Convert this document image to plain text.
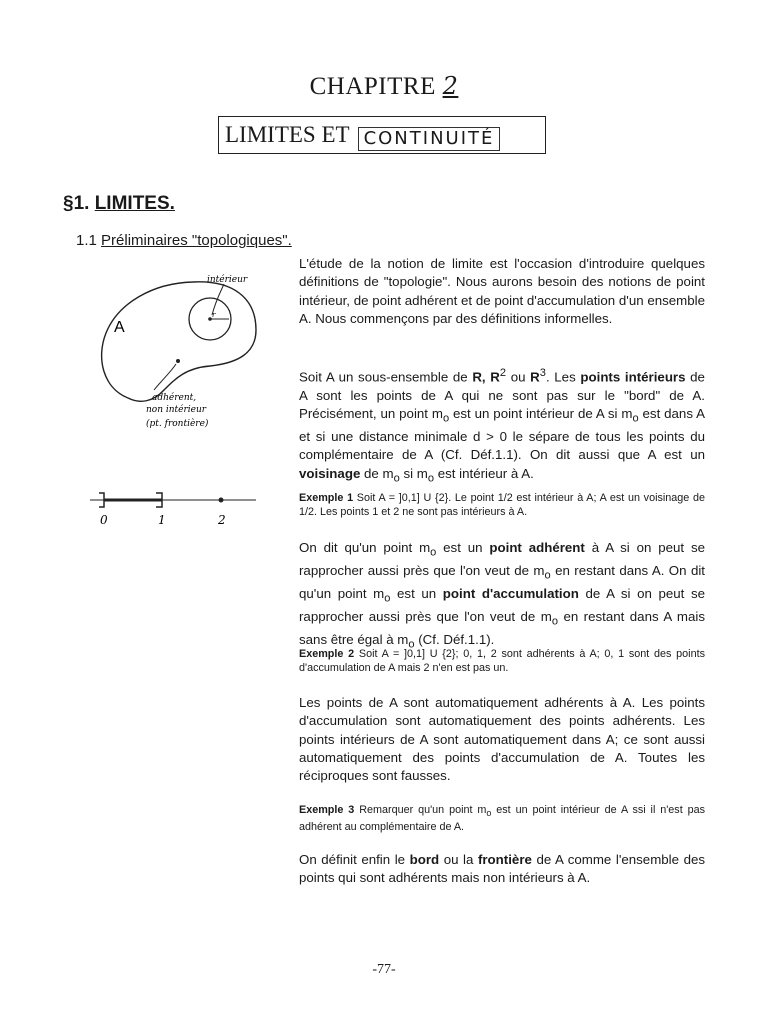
CHAPITRE 2
LIMITES ET CONTINUITÉ
§1. LIMITES.
1.1 Préliminaires "topologiques".
A
intérieur
r
adhérent,
non intérieur
(pt. frontière)
0	1	2
L'étude de la notion de limite est l'occasion d'introduire quelques définitions de "topologie". Nous aurons besoin des notions de point intérieur, de point adhérent et de point d'accumulation d'un ensemble A. Nous commençons par des définitions informelles.
Soit A un sous-ensemble de R, $R^2$ ou $R^3$. Les points intérieurs de A sont les points de A qui ne sont pas sur le "bord" de A. Précisément, un point $m_o$ est un point intérieur de A si $m_o$ est dans A et si une distance minimale d > 0 le sépare de tous les points du complémentaire de A (Cf. Déf.1.1). On dit aussi que A est un voisinage de $m_o$ si $m_o$ est intérieur à A.
Exemple 1 Soit A = ]0,1] U {2}. Le point 1/2 est intérieur à A; A est un voisinage de 1/2. Les points 1 et 2 ne sont pas intérieurs à A.
On dit qu'un point $m_o$ est un point adhérent à A si on peut se rapprocher aussi près que l'on veut de $m_o$ en restant dans A. On dit qu'un point $m_o$ est un point d'accumulation de A si on peut se rapprocher aussi près que l'on veut de $m_o$ en restant dans A mais sans être égal à $m_o$ (Cf. Déf.1.1).
Exemple 2 Soit A = ]0,1] U {2}; 0, 1, 2 sont adhérents à A; 0, 1 sont des points d'accumulation de A mais 2 n'en est pas un.
Les points de A sont automatiquement adhérents à A. Les points d'accumulation sont automatiquement des points adhérents. Les points intérieurs de A sont automatiquement dans A; ce sont aussi automatiquement des points d'accumulation de A. Toutes les réciproques sont fausses.
Exemple 3 Remarquer qu'un point $m_o$ est un point intérieur de A ssi il n'est pas adhérent au complémentaire de A.
On définit enfin le bord ou la frontière de A comme l'ensemble des points qui sont adhérents mais non intérieurs à A.
-77-
